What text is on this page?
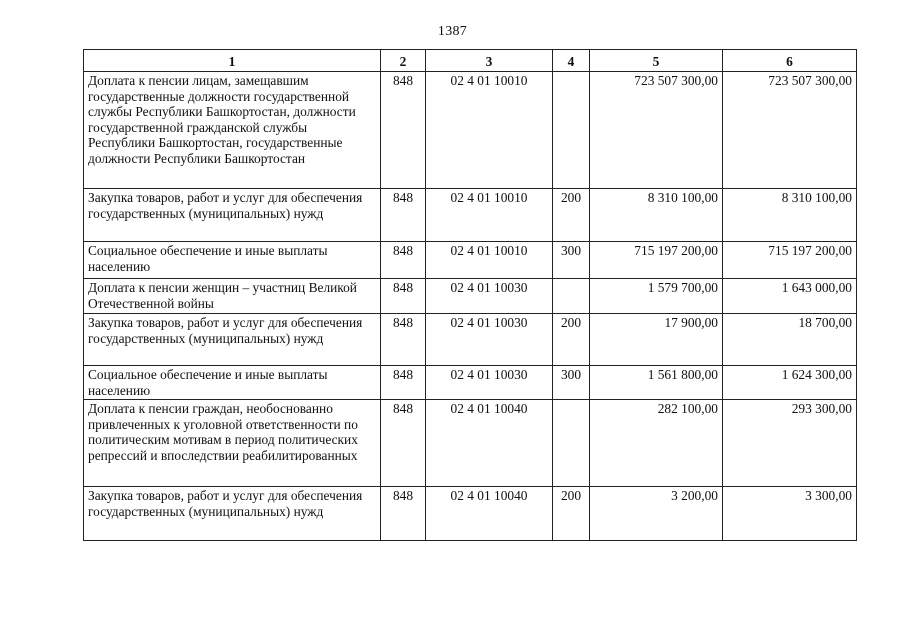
1387
1	2	3	4	5	6
Доплата к пенсии лицам, замещавшим государственные должности государственной службы Республики Башкортостан, должности государственной гражданской службы Республики Башкортостан, государственные должности Республики Башкортостан	848	02 4 01 10010		723 507 300,00	723 507 300,00
Закупка товаров, работ и услуг для обеспечения государственных (муниципальных) нужд	848	02 4 01 10010	200	8 310 100,00	8 310 100,00
Социальное обеспечение и иные выплаты населению	848	02 4 01 10010	300	715 197 200,00	715 197 200,00
Доплата к пенсии женщин – участниц Великой Отечественной войны	848	02 4 01 10030		1 579 700,00	1 643 000,00
Закупка товаров, работ и услуг для обеспечения государственных (муниципальных) нужд	848	02 4 01 10030	200	17 900,00	18 700,00
Социальное обеспечение и иные выплаты населению	848	02 4 01 10030	300	1 561 800,00	1 624 300,00
Доплата к пенсии граждан, необоснованно привлеченных к уголовной ответственности по политическим мотивам в период политических репрессий и впоследствии реабилитированных	848	02 4 01 10040		282 100,00	293 300,00
Закупка товаров, работ и услуг для обеспечения государственных (муниципальных) нужд	848	02 4 01 10040	200	3 200,00	3 300,00
